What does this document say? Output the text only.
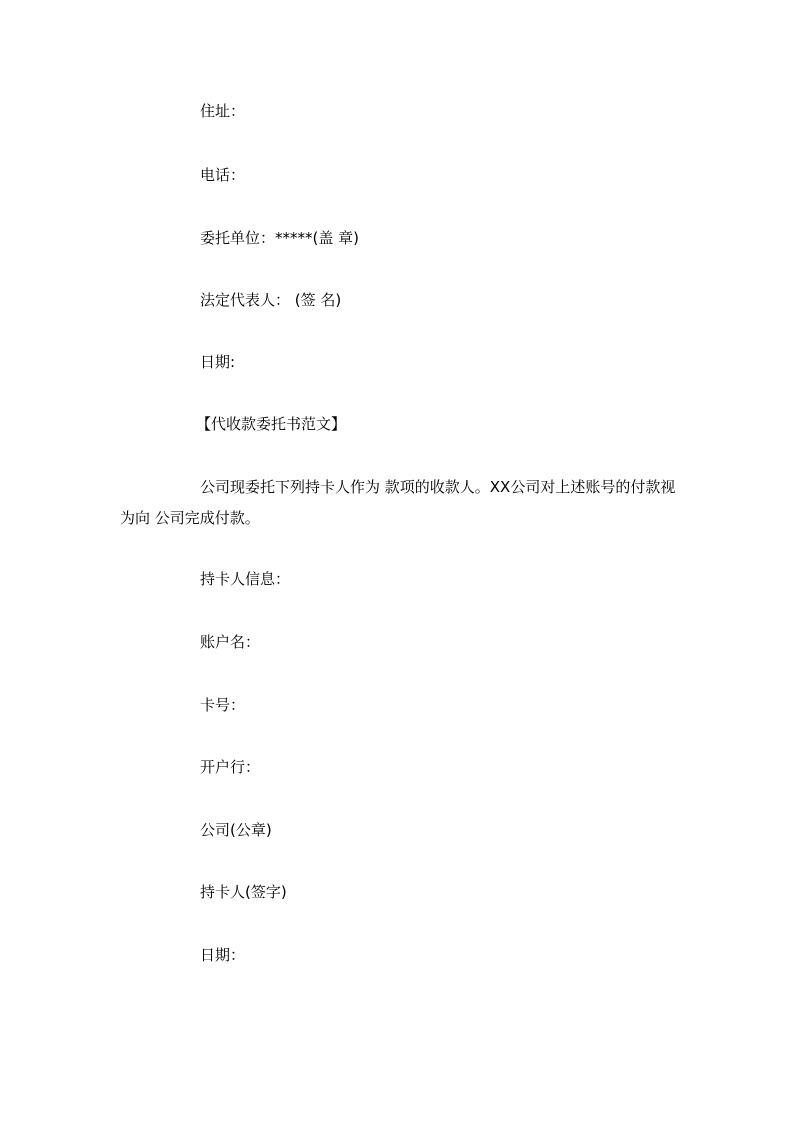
住址：
电话：
委托单位：*****(盖 章)
法定代表人： (签 名)
日期:
【代收款委托书范文】
公司现委托下列持卡人作为 款项的收款人。XX公司对上述账号的付款视为向 公司完成付款。
持卡人信息：
账户名：
卡号：
开户行：
公司(公章)
持卡人(签字)
日期：
